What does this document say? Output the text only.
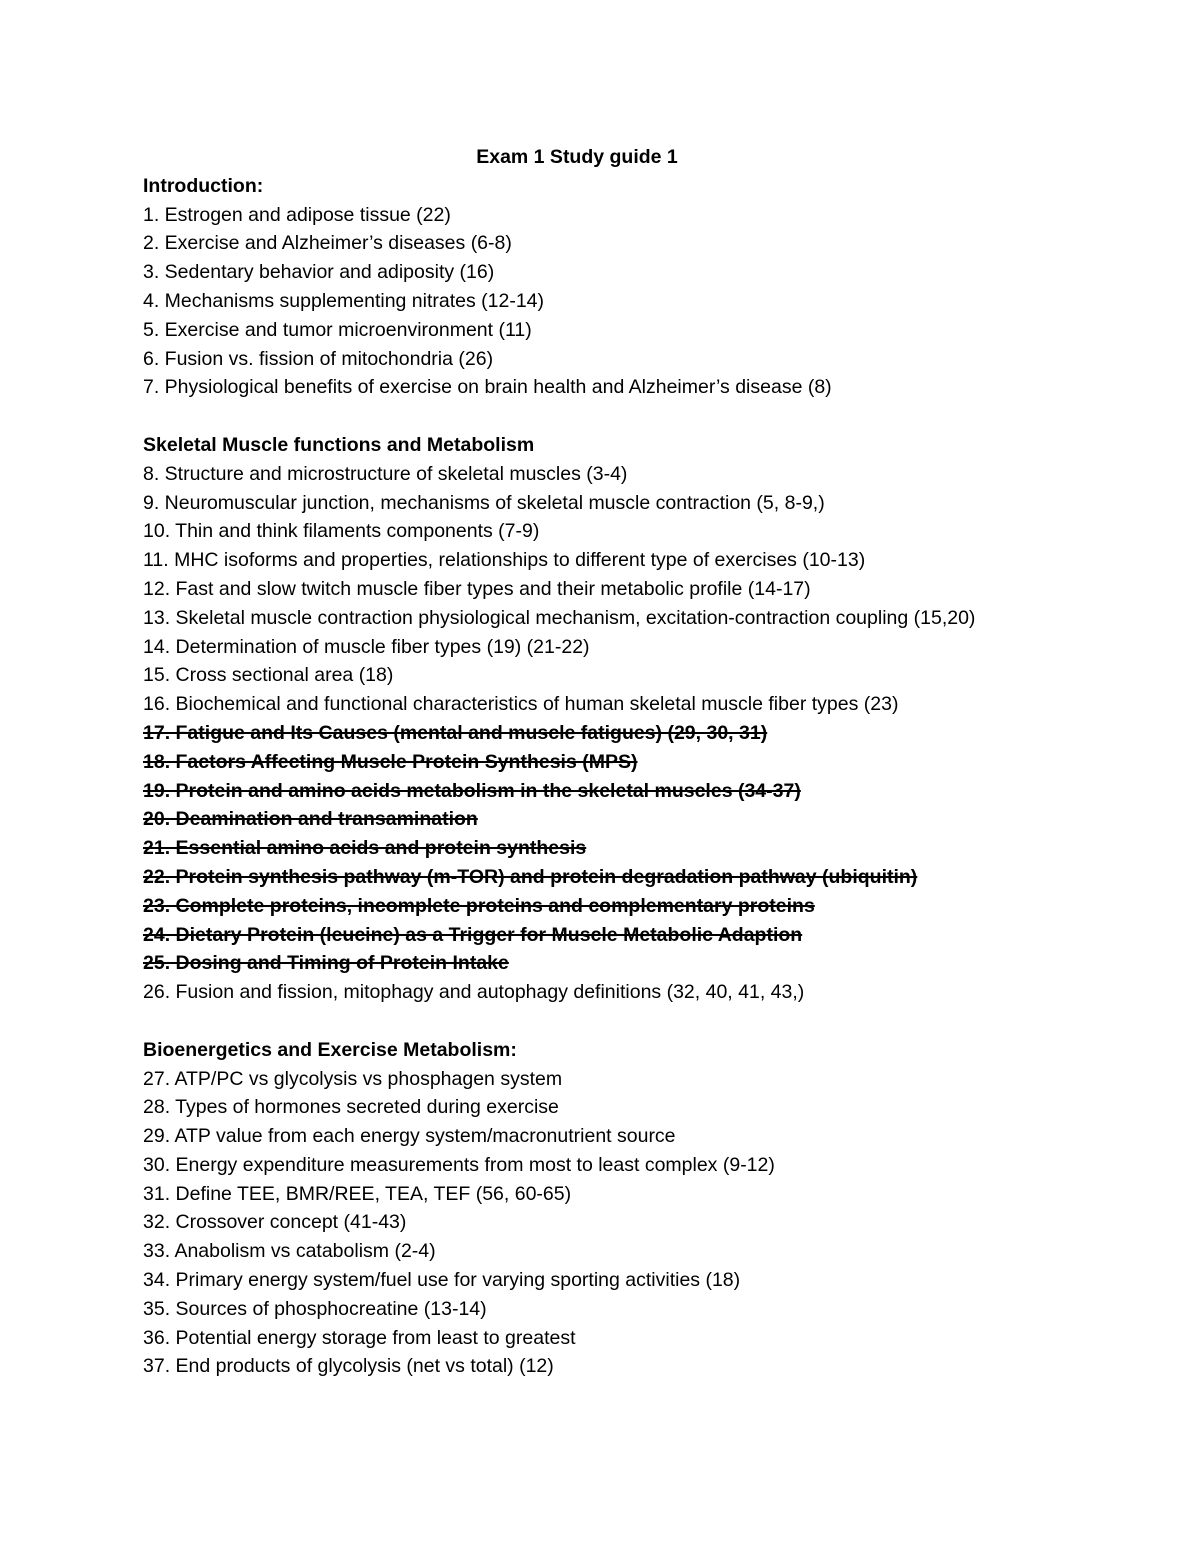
Exam 1 Study guide 1
Introduction:
1. Estrogen and adipose tissue (22)
2. Exercise and Alzheimer’s diseases (6-8)
3. Sedentary behavior and adiposity (16)
4. Mechanisms supplementing nitrates (12-14)
5. Exercise and tumor microenvironment (11)
6. Fusion vs. fission of mitochondria (26)
7. Physiological benefits of exercise on brain health and Alzheimer’s disease (8)
Skeletal Muscle functions and Metabolism
8. Structure and microstructure of skeletal muscles (3-4)
9. Neuromuscular junction, mechanisms of skeletal muscle contraction (5, 8-9,)
10. Thin and think filaments components (7-9)
11. MHC isoforms and properties, relationships to different type of exercises (10-13)
12. Fast and slow twitch muscle fiber types and their metabolic profile (14-17)
13. Skeletal muscle contraction physiological mechanism, excitation-contraction coupling (15,20)
14. Determination of muscle fiber types (19) (21-22)
15. Cross sectional area (18)
16. Biochemical and functional characteristics of human skeletal muscle fiber types (23)
17. Fatigue and Its Causes (mental and muscle fatigues) (29, 30, 31)
18. Factors Affecting Muscle Protein Synthesis (MPS)
19. Protein and amino acids metabolism in the skeletal muscles (34-37)
20. Deamination and transamination
21. Essential amino acids and protein synthesis
22. Protein synthesis pathway (m-TOR) and protein degradation pathway (ubiquitin)
23. Complete proteins, incomplete proteins and complementary proteins
24. Dietary Protein (leucine) as a Trigger for Muscle Metabolic Adaption
25. Dosing and Timing of Protein Intake
26. Fusion and fission, mitophagy and autophagy definitions (32, 40, 41, 43,)
Bioenergetics and Exercise Metabolism:
27. ATP/PC vs glycolysis vs phosphagen system
28. Types of hormones secreted during exercise
29. ATP value from each energy system/macronutrient source
30. Energy expenditure measurements from most to least complex (9-12)
31. Define TEE, BMR/REE, TEA, TEF (56, 60-65)
32. Crossover concept (41-43)
33. Anabolism vs catabolism (2-4)
34. Primary energy system/fuel use for varying sporting activities (18)
35. Sources of phosphocreatine (13-14)
36. Potential energy storage from least to greatest
37. End products of glycolysis (net vs total) (12)
